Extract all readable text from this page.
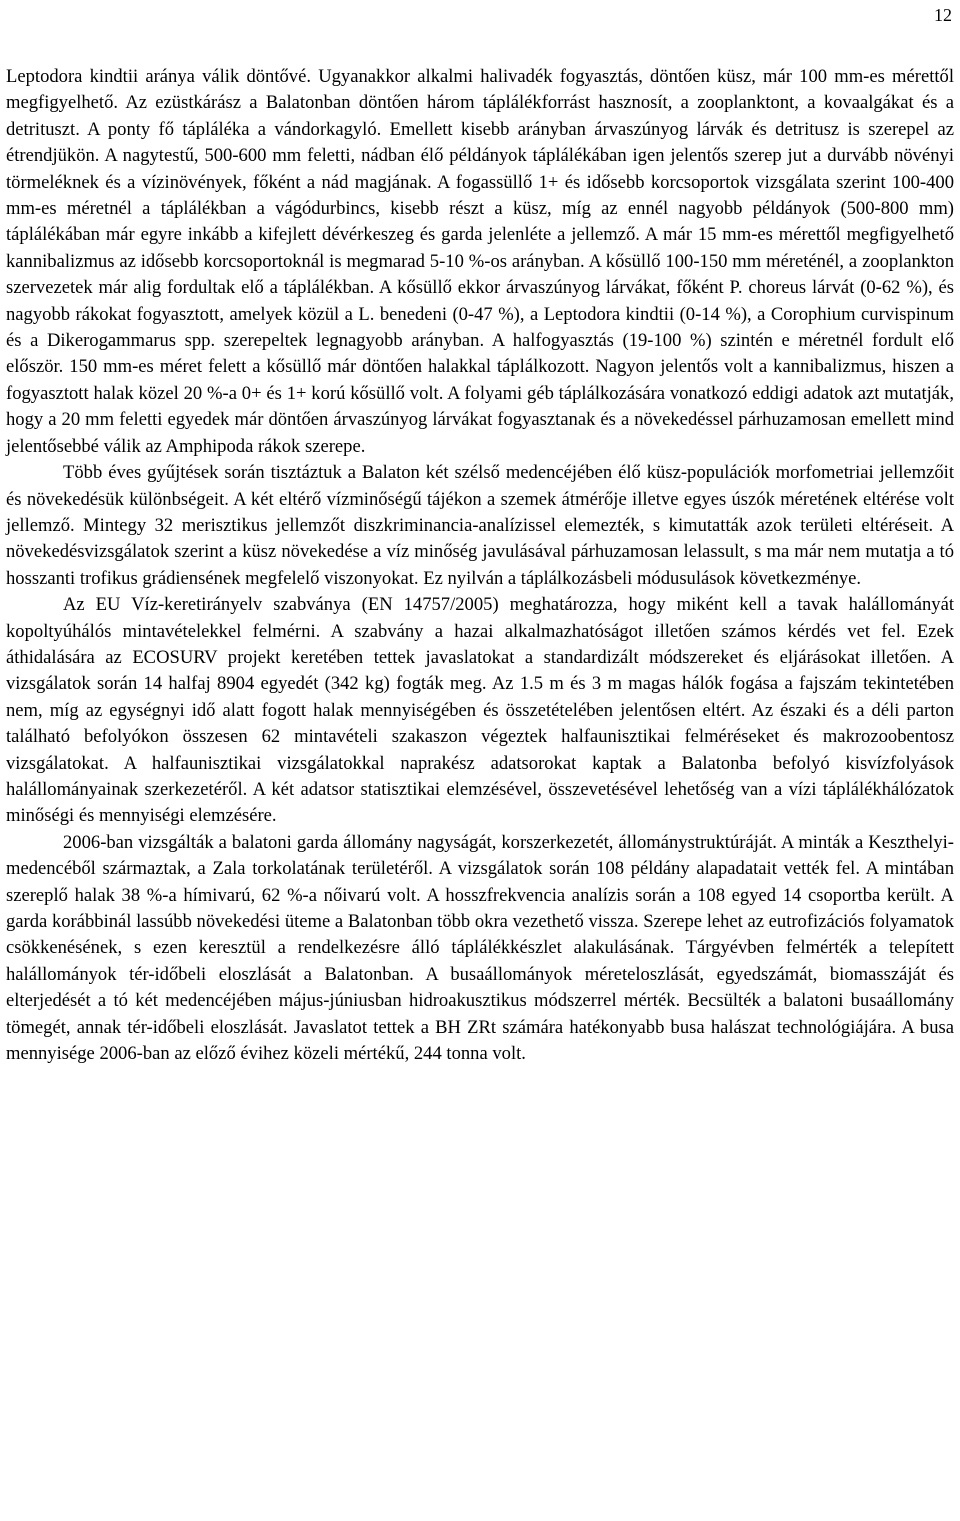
12

Leptodora kindtii aránya válik döntővé. Ugyanakkor alkalmi halivadék fogyasztás, döntően küsz, már 100 mm-es mérettől megfigyelhető. Az ezüstkárász a Balatonban döntően három táplálékforrást hasznosít, a zooplanktont, a kovaalgákat és a detrituszt. A ponty fő tápláléka a vándorkagyló. Emellett kisebb arányban árvaszúnyog lárvák és detritusz is szerepel az étrendjükön. A nagytestű, 500-600 mm feletti, nádban élő példányok táplálékában igen jelentős szerep jut a durvább növényi törmeléknek és a vízinövények, főként a nád magjának. A fogassüllő 1+ és idősebb korcsoportok vizsgálata szerint 100-400 mm-es méretnél a táplálékban a vágódurbincs, kisebb részt a küsz, míg az ennél nagyobb példányok (500-800 mm) táplálékában már egyre inkább a kifejlett dévérkeszeg és garda jelenléte a jellemző. A már 15 mm-es mérettől megfigyelhető kannibalizmus az idősebb korcsoportoknál is megmarad 5-10 %-os arányban. A kősüllő 100-150 mm méreténél, a zooplankton szervezetek már alig fordultak elő a táplálékban. A kősüllő ekkor árvaszúnyog lárvákat, főként P. choreus lárvát (0-62 %), és nagyobb rákokat fogyasztott, amelyek közül a L. benedeni (0-47 %), a Leptodora kindtii (0-14 %), a Corophium curvispinum és a Dikerogammarus spp. szerepeltek legnagyobb arányban. A halfogyasztás (19-100 %) szintén e méretnél fordult elő először. 150 mm-es méret felett a kősüllő már döntően halakkal táplálkozott. Nagyon jelentős volt a kannibalizmus, hiszen a fogyasztott halak közel 20 %-a 0+ és 1+ korú kősüllő volt. A folyami géb táplálkozására vonatkozó eddigi adatok azt mutatják, hogy a 20 mm feletti egyedek már döntően árvaszúnyog lárvákat fogyasztanak és a növekedéssel párhuzamosan emellett mind jelentősebbé válik az Amphipoda rákok szerepe.

Több éves gyűjtések során tisztáztuk a Balaton két szélső medencéjében élő küsz-populációk morfometriai jellemzőit és növekedésük különbségeit. A két eltérő vízminőségű tájékon a szemek átmérője illetve egyes úszók méretének eltérése volt jellemző. Mintegy 32 merisztikus jellemzőt diszkriminancia-analízissel elemezték, s kimutatták azok területi eltéréseit. A növekedésvizsgálatok szerint a küsz növekedése a víz minőség javulásával párhuzamosan lelassult, s ma már nem mutatja a tó hosszanti trofikus grádiensének megfelelő viszonyokat. Ez nyilván a táplálkozásbeli módusulások következménye.

Az EU Víz-keretirányelv szabványa (EN 14757/2005) meghatározza, hogy miként kell a tavak halállományát kopoltyúhálós mintavételekkel felmérni. A szabvány a hazai alkalmazhatóságot illetően számos kérdés vet fel. Ezek áthidalására az ECOSURV projekt keretében tettek javaslatokat a standardizált módszereket és eljárásokat illetően. A vizsgálatok során 14 halfaj 8904 egyedét (342 kg) fogták meg. Az 1.5 m és 3 m magas hálók fogása a fajszám tekintetében nem, míg az egységnyi idő alatt fogott halak mennyiségében és összetételében jelentősen eltért. Az északi és a déli parton található befolyókon összesen 62 mintavételi szakaszon végeztek halfaunisztikai felméréseket és makrozoobentosz vizsgálatokat. A halfaunisztikai vizsgálatokkal naprakész adatsorokat kaptak a Balatonba befolyó kisvízfolyások halállományainak szerkezetéről. A két adatsor statisztikai elemzésével, összevetésével lehetőség van a vízi táplálékhálózatok minőségi és mennyiségi elemzésére.

2006-ban vizsgálták a balatoni garda állomány nagyságát, korszerkezetét, állománystruktúráját. A minták a Keszthelyi-medencéből származtak, a Zala torkolatának területéről. A vizsgálatok során 108 példány alapadatait vették fel. A mintában szereplő halak 38 %-a hímivarú, 62 %-a nőivarú volt. A hosszfrekvencia analízis során a 108 egyed 14 csoportba került. A garda korábbinál lassúbb növekedési üteme a Balatonban több okra vezethető vissza. Szerepe lehet az eutrofizációs folyamatok csökkenésének, s ezen keresztül a rendelkezésre álló táplálékkészlet alakulásának. Tárgyévben felmérték a telepített halállományok tér-időbeli eloszlását a Balatonban. A busaállományok méreteloszlását, egyedszámát, biomasszáját és elterjedését a tó két medencéjében május-júniusban hidroakusztikus módszerrel mérték. Becsülték a balatoni busaállomány tömegét, annak tér-időbeli eloszlását. Javaslatot tettek a BH ZRt számára hatékonyabb busa halászat technológiájára. A busa mennyisége 2006-ban az előző évihez közeli mértékű, 244 tonna volt.
